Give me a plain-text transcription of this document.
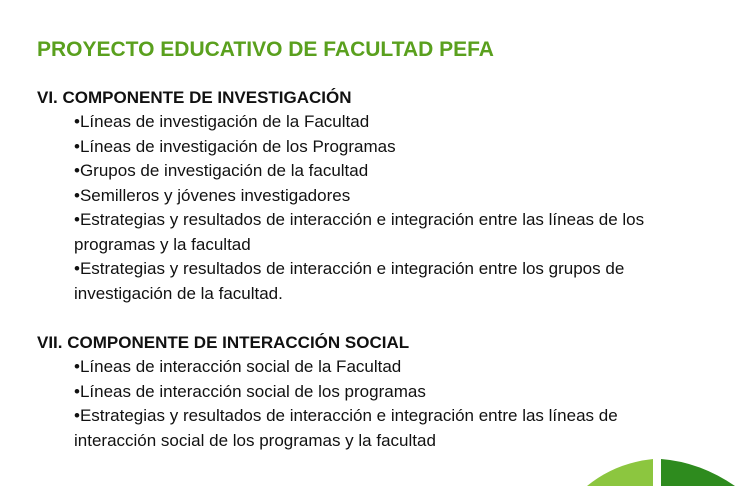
PROYECTO EDUCATIVO DE FACULTAD PEFA
VI. COMPONENTE DE INVESTIGACIÓN
• Líneas de investigación de la Facultad
• Líneas de investigación de los Programas
• Grupos de investigación de la facultad
• Semilleros y jóvenes investigadores
• Estrategias y resultados de interacción e integración entre las líneas de los programas y la facultad
• Estrategias y resultados de interacción e integración entre los grupos de investigación de la facultad.
VII. COMPONENTE DE INTERACCIÓN SOCIAL
• Líneas de interacción social de la Facultad
• Líneas de interacción social de los programas
• Estrategias y resultados de interacción e integración entre las líneas de interacción social de los programas y la facultad
